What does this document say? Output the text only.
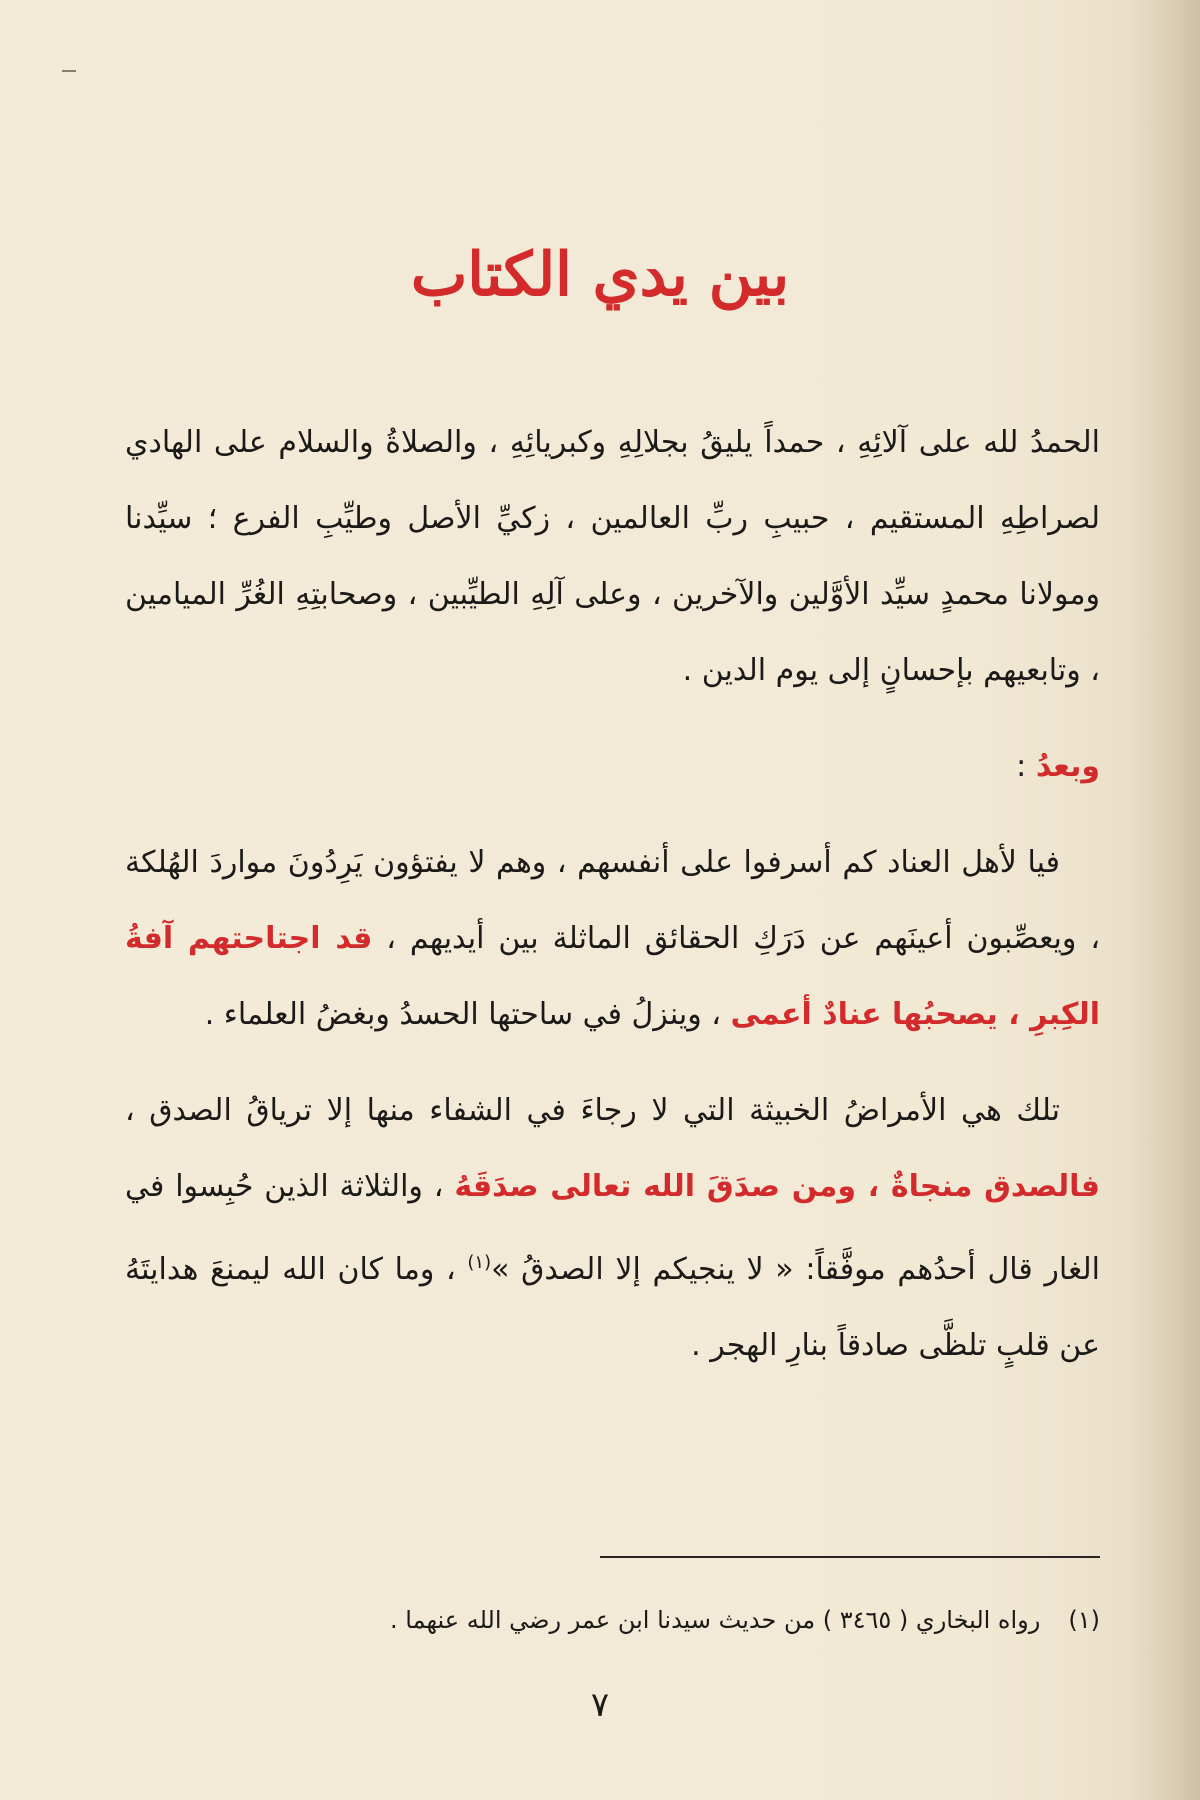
بين يدي الكتاب

الحمدُ لله على آلائِهِ ، حمداً يليقُ بجلالِهِ وكبريائِهِ ، والصلاةُ والسلام على الهادي لصراطِهِ المستقيم ، حبيبِ ربِّ العالمين ، زكيِّ الأصل وطيِّبِ الفرع ؛ سيِّدنا ومولانا محمدٍ سيِّد الأوَّلين والآخرين ، وعلى آلِهِ الطيِّبين ، وصحابتِهِ الغُرِّ الميامين ، وتابعيهم بإحسانٍ إلى يوم الدين .

وبعدُ :

فيا لأهل العناد كم أسرفوا على أنفسهم ، وهم لا يفتؤون يَرِدُونَ مواردَ الهُلكة ، ويعصِّبون أعينَهم عن دَرَكِ الحقائق الماثلة بين أيديهم ، قد اجتاحتهم آفةُ الكِبرِ ، يصحبُها عنادٌ أعمى ، وينزلُ في ساحتها الحسدُ وبغضُ العلماء .

تلك هي الأمراضُ الخبيثة التي لا رجاءَ في الشفاء منها إلا ترياقُ الصدق ، فالصدق منجاةٌ ، ومن صدَقَ الله تعالى صدَقَهُ ، والثلاثة الذين حُبِسوا في الغار قال أحدُهم موفَّقاً: « لا ينجيكم إلا الصدقُ »$^{(١)}$ ، وما كان الله ليمنعَ هدايتَهُ عن قلبٍ تلظَّى صادقاً بنارِ الهجر .

(١)رواه البخاري ( ٣٤٦٥ ) من حديث سيدنا ابن عمر رضي الله عنهما .
٧
